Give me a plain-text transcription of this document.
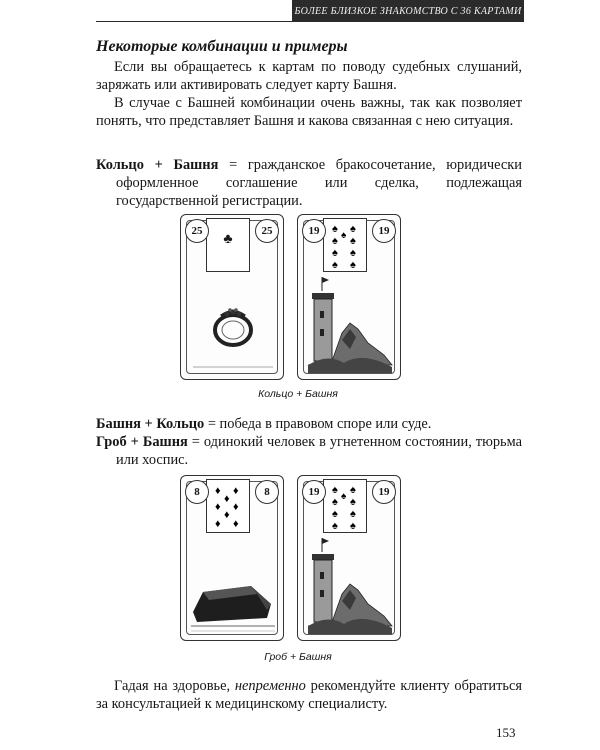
БОЛЕЕ БЛИЗКОЕ ЗНАКОМСТВО С 36 КАРТАМИ
Некоторые комбинации и примеры

Если вы обращаетесь к картам по поводу судебных слушаний, заряжать или активировать следует карту Башня.

В случае с Башней комбинации очень важны, так как позволяет понять, что представляет Башня и какова связанная с нею ситуация.

Кольцо + Башня = гражданское бракосочетание, юридически оформленное соглашение или сделка, подлежащая государственной регистрации.

♣
25	25	♠ ♠
♠ ♠
♠ ♠
♠ ♠
♠
19	19
Кольцо + Башня

Башня + Кольцо = победа в правовом споре или суде.

Гроб + Башня = одинокий человек в угнетенном состоянии, тюрьма или хоспис.

♦ ♦
♦
♦ ♦
♦
♦ ♦
8	8	♠ ♠
♠ ♠
♠ ♠
♠ ♠
♠
19	19
Гроб + Башня

Гадая на здоровье, непременно рекомендуйте клиенту обратиться за консультацией к медицинскому специалисту.

153
